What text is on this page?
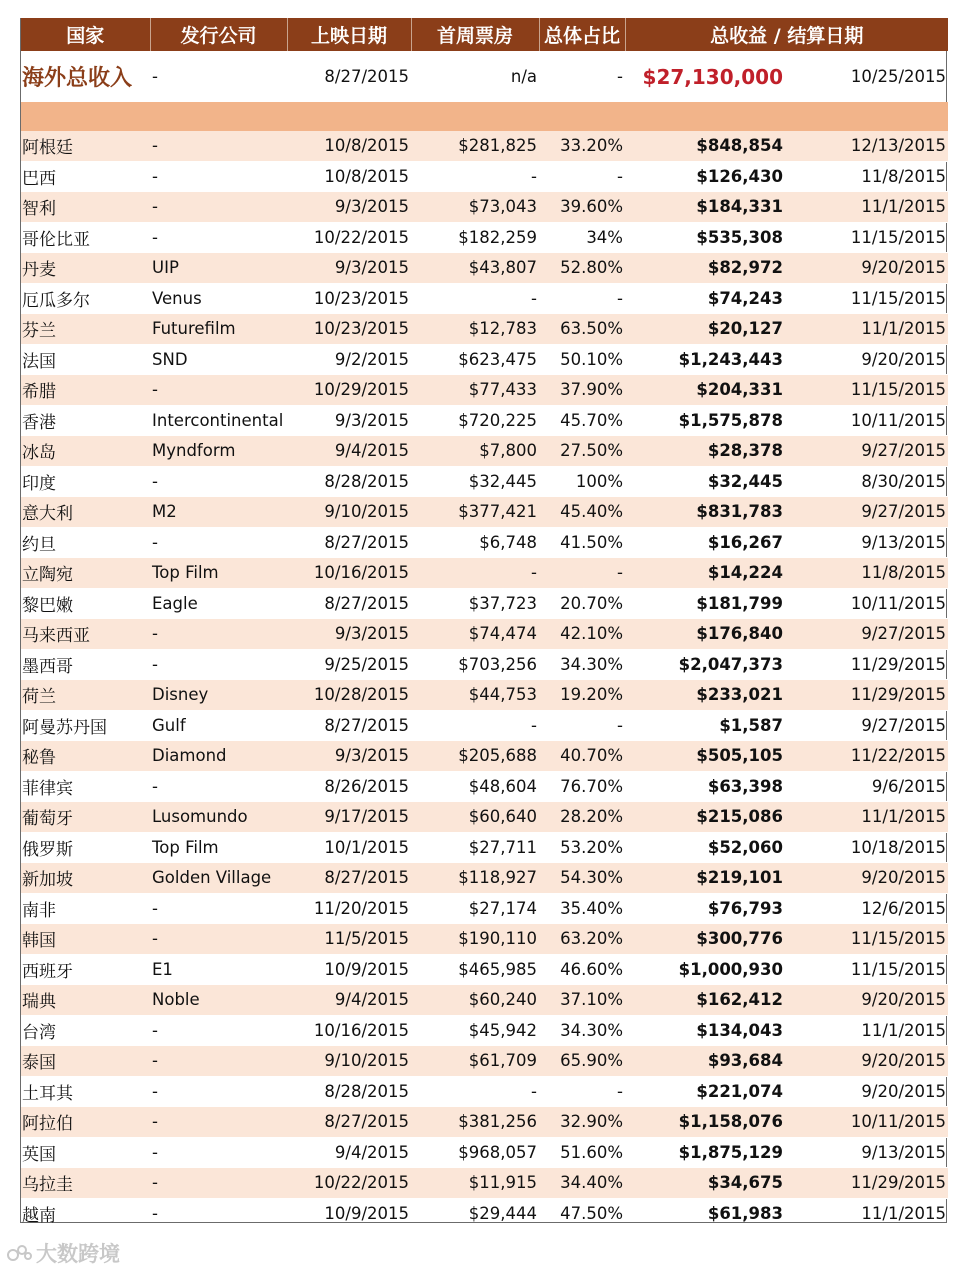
国家	发行公司	上映日期	首周票房	总体占比	总收益 / 结算日期	
海外总收入	-	8/27/2015	n/a	-	$27,130,000	10/25/2015

阿根廷	-	10/8/2015	$281,825	33.20%	$848,854	12/13/2015
巴西	-	10/8/2015	-	-	$126,430	11/8/2015
智利	-	9/3/2015	$73,043	39.60%	$184,331	11/1/2015
哥伦比亚	-	10/22/2015	$182,259	34%	$535,308	11/15/2015
丹麦	UIP	9/3/2015	$43,807	52.80%	$82,972	9/20/2015
厄瓜多尔	Venus	10/23/2015	-	-	$74,243	11/15/2015
芬兰	Futurefilm	10/23/2015	$12,783	63.50%	$20,127	11/1/2015
法国	SND	9/2/2015	$623,475	50.10%	$1,243,443	9/20/2015
希腊	-	10/29/2015	$77,433	37.90%	$204,331	11/15/2015
香港	Intercontinental	9/3/2015	$720,225	45.70%	$1,575,878	10/11/2015
冰岛	Myndform	9/4/2015	$7,800	27.50%	$28,378	9/27/2015
印度	-	8/28/2015	$32,445	100%	$32,445	8/30/2015
意大利	M2	9/10/2015	$377,421	45.40%	$831,783	9/27/2015
约旦	-	8/27/2015	$6,748	41.50%	$16,267	9/13/2015
立陶宛	Top Film	10/16/2015	-	-	$14,224	11/8/2015
黎巴嫩	Eagle	8/27/2015	$37,723	20.70%	$181,799	10/11/2015
马来西亚	-	9/3/2015	$74,474	42.10%	$176,840	9/27/2015
墨西哥	-	9/25/2015	$703,256	34.30%	$2,047,373	11/29/2015
荷兰	Disney	10/28/2015	$44,753	19.20%	$233,021	11/29/2015
阿曼苏丹国	Gulf	8/27/2015	-	-	$1,587	9/27/2015
秘鲁	Diamond	9/3/2015	$205,688	40.70%	$505,105	11/22/2015
菲律宾	-	8/26/2015	$48,604	76.70%	$63,398	9/6/2015
葡萄牙	Lusomundo	9/17/2015	$60,640	28.20%	$215,086	11/1/2015
俄罗斯	Top Film	10/1/2015	$27,711	53.20%	$52,060	10/18/2015
新加坡	Golden Village	8/27/2015	$118,927	54.30%	$219,101	9/20/2015
南非	-	11/20/2015	$27,174	35.40%	$76,793	12/6/2015
韩国	-	11/5/2015	$190,110	63.20%	$300,776	11/15/2015
西班牙	E1	10/9/2015	$465,985	46.60%	$1,000,930	11/15/2015
瑞典	Noble	9/4/2015	$60,240	37.10%	$162,412	9/20/2015
台湾	-	10/16/2015	$45,942	34.30%	$134,043	11/1/2015
泰国	-	9/10/2015	$61,709	65.90%	$93,684	9/20/2015
土耳其	-	8/28/2015	-	-	$221,074	9/20/2015
阿拉伯	-	8/27/2015	$381,256	32.90%	$1,158,076	10/11/2015
英国	-	9/4/2015	$968,057	51.60%	$1,875,129	9/13/2015
乌拉圭	-	10/22/2015	$11,915	34.40%	$34,675	11/29/2015
越南	-	10/9/2015	$29,444	47.50%	$61,983	11/1/2015
大数跨境
